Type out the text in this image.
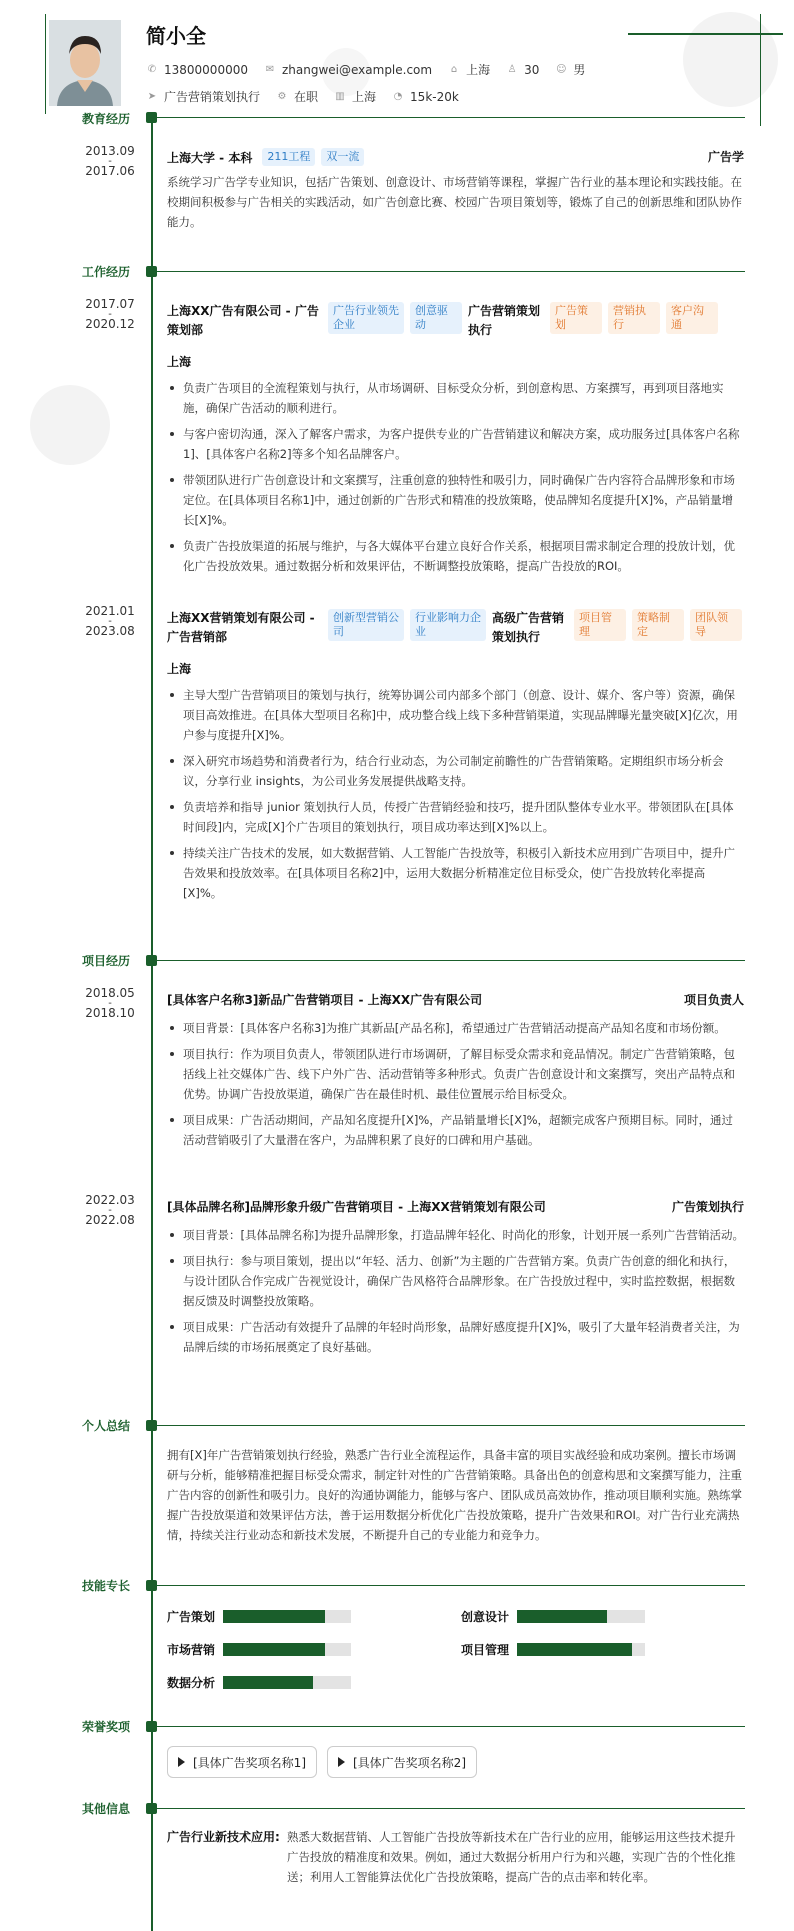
简小全
✆ 13800000000 ✉ zhangwei@example.com ⌂ 上海 ♙ 30 ☺ 男
➤ 广告营销策划执行 ⚙ 在职 ▥ 上海 ◔ 15k-20k
教育经历
2013.09
-
2017.06
上海大学 - 本科	211工程	双一流	广告学
系统学习广告学专业知识，包括广告策划、创意设计、市场营销等课程，掌握广告行业的基本理论和实践技能。在校期间积极参与广告相关的实践活动，如广告创意比赛、校园广告项目策划等，锻炼了自己的创新思维和团队协作能力。
工作经历
2017.07
-
2020.12
上海XX广告有限公司 - 广告策划部
广告行业领先企业
创意驱动
广告营销策划执行
广告策划
营销执行
客户沟通
上海
负责广告项目的全流程策划与执行，从市场调研、目标受众分析，到创意构思、方案撰写，再到项目落地实施，确保广告活动的顺利进行。
与客户密切沟通，深入了解客户需求，为客户提供专业的广告营销建议和解决方案，成功服务过[具体客户名称1]、[具体客户名称2]等多个知名品牌客户。
带领团队进行广告创意设计和文案撰写，注重创意的独特性和吸引力，同时确保广告内容符合品牌形象和市场定位。在[具体项目名称1]中，通过创新的广告形式和精准的投放策略，使品牌知名度提升[X]%，产品销量增长[X]%。
负责广告投放渠道的拓展与维护，与各大媒体平台建立良好合作关系，根据项目需求制定合理的投放计划，优化广告投放效果。通过数据分析和效果评估，不断调整投放策略，提高广告投放的ROI。
2021.01
-
2023.08
上海XX营销策划有限公司 - 广告营销部
创新型营销公司
行业影响力企业
高级广告营销策划执行
项目管理
策略制定
团队领导
上海
主导大型广告营销项目的策划与执行，统筹协调公司内部多个部门（创意、设计、媒介、客户等）资源，确保项目高效推进。在[具体大型项目名称]中，成功整合线上线下多种营销渠道，实现品牌曝光量突破[X]亿次，用户参与度提升[X]%。
深入研究市场趋势和消费者行为，结合行业动态，为公司制定前瞻性的广告营销策略。定期组织市场分析会议，分享行业 insights，为公司业务发展提供战略支持。
负责培养和指导 junior 策划执行人员，传授广告营销经验和技巧，提升团队整体专业水平。带领团队在[具体时间段]内，完成[X]个广告项目的策划执行，项目成功率达到[X]%以上。
持续关注广告技术的发展，如大数据营销、人工智能广告投放等，积极引入新技术应用到广告项目中，提升广告效果和投放效率。在[具体项目名称2]中，运用大数据分析精准定位目标受众，使广告投放转化率提高[X]%。
项目经历
2018.05
-
2018.10
[具体客户名称3]新品广告营销项目 - 上海XX广告有限公司	项目负责人
项目背景：[具体客户名称3]为推广其新品[产品名称]，希望通过广告营销活动提高产品知名度和市场份额。
项目执行：作为项目负责人，带领团队进行市场调研，了解目标受众需求和竞品情况。制定广告营销策略，包括线上社交媒体广告、线下户外广告、活动营销等多种形式。负责广告创意设计和文案撰写，突出产品特点和优势。协调广告投放渠道，确保广告在最佳时机、最佳位置展示给目标受众。
项目成果：广告活动期间，产品知名度提升[X]%，产品销量增长[X]%，超额完成客户预期目标。同时，通过活动营销吸引了大量潜在客户，为品牌积累了良好的口碑和用户基础。
2022.03
-
2022.08
[具体品牌名称]品牌形象升级广告营销项目 - 上海XX营销策划有限公司	广告策划执行
项目背景：[具体品牌名称]为提升品牌形象，打造品牌年轻化、时尚化的形象，计划开展一系列广告营销活动。
项目执行：参与项目策划，提出以“年轻、活力、创新”为主题的广告营销方案。负责广告创意的细化和执行，与设计团队合作完成广告视觉设计，确保广告风格符合品牌形象。在广告投放过程中，实时监控数据，根据数据反馈及时调整投放策略。
项目成果：广告活动有效提升了品牌的年轻时尚形象，品牌好感度提升[X]%，吸引了大量年轻消费者关注，为品牌后续的市场拓展奠定了良好基础。
个人总结
拥有[X]年广告营销策划执行经验，熟悉广告行业全流程运作，具备丰富的项目实战经验和成功案例。擅长市场调研与分析，能够精准把握目标受众需求，制定针对性的广告营销策略。具备出色的创意构思和文案撰写能力，注重广告内容的创新性和吸引力。良好的沟通协调能力，能够与客户、团队成员高效协作，推动项目顺利实施。熟练掌握广告投放渠道和效果评估方法，善于运用数据分析优化广告投放策略，提升广告效果和ROI。对广告行业充满热情，持续关注行业动态和新技术发展，不断提升自己的专业能力和竞争力。
技能专长
广告策划	创意设计
市场营销	项目管理
数据分析
荣誉奖项
[具体广告奖项名称1]	[具体广告奖项名称2]
其他信息
广告行业新技术应用: 熟悉大数据营销、人工智能广告投放等新技术在广告行业的应用，能够运用这些技术提升广告投放的精准度和效果。例如，通过大数据分析用户行为和兴趣，实现广告的个性化推送；利用人工智能算法优化广告投放策略，提高广告的点击率和转化率。
